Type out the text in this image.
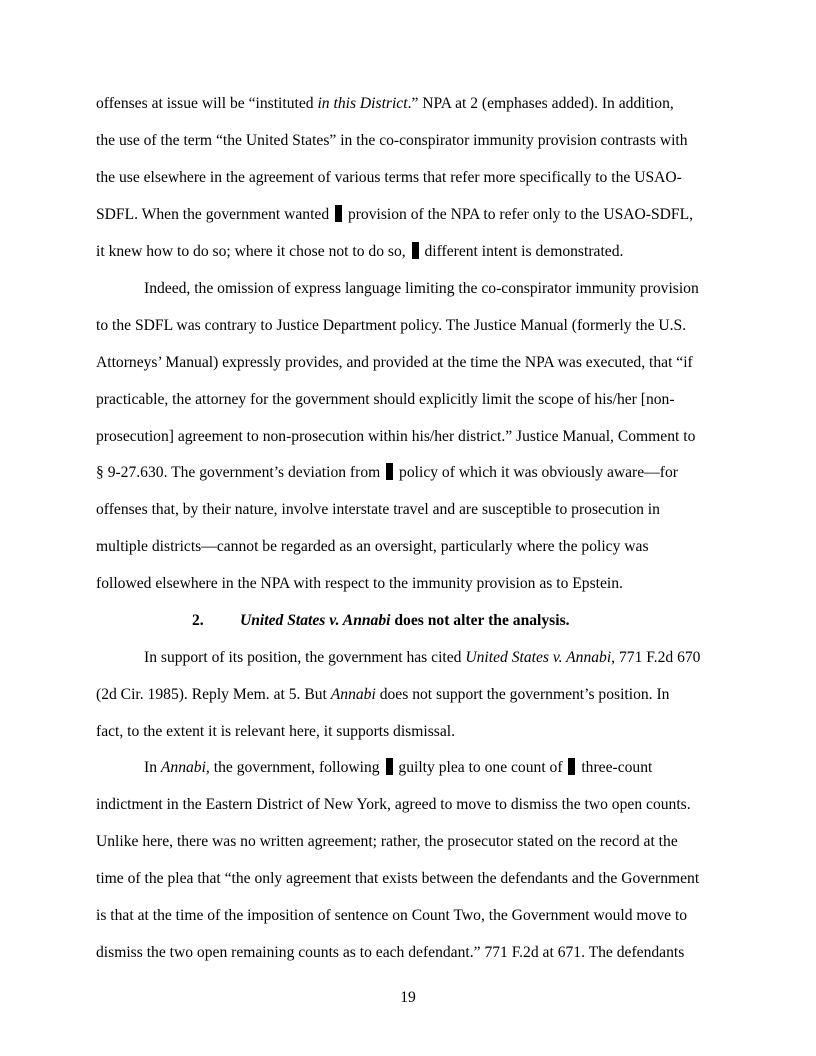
offenses at issue will be “instituted in this District.” NPA at 2 (emphases added). In addition,
the use of the term “the United States” in the co-conspirator immunity provision contrasts with
the use elsewhere in the agreement of various terms that refer more specifically to the USAO-
SDFL. When the government wanted  provision of the NPA to refer only to the USAO-SDFL,
it knew how to do so; where it chose not to do so,  different intent is demonstrated.
Indeed, the omission of express language limiting the co-conspirator immunity provision
to the SDFL was contrary to Justice Department policy. The Justice Manual (formerly the U.S.
Attorneys’ Manual) expressly provides, and provided at the time the NPA was executed, that “if
practicable, the attorney for the government should explicitly limit the scope of his/her [non-
prosecution] agreement to non-prosecution within his/her district.” Justice Manual, Comment to
§ 9-27.630. The government’s deviation from  policy of which it was obviously aware—for
offenses that, by their nature, involve interstate travel and are susceptible to prosecution in
multiple districts—cannot be regarded as an oversight, particularly where the policy was
followed elsewhere in the NPA with respect to the immunity provision as to Epstein.
In support of its position, the government has cited United States v. Annabi, 771 F.2d 670
(2d Cir. 1985). Reply Mem. at 5. But Annabi does not support the government’s position. In
fact, to the extent it is relevant here, it supports dismissal.
In Annabi, the government, following  guilty plea to one count of  three-count
indictment in the Eastern District of New York, agreed to move to dismiss the two open counts.
Unlike here, there was no written agreement; rather, the prosecutor stated on the record at the
time of the plea that “the only agreement that exists between the defendants and the Government
is that at the time of the imposition of sentence on Count Two, the Government would move to
dismiss the two open remaining counts as to each defendant.” 771 F.2d at 671. The defendants
2. United States v. Annabi does not alter the analysis.
19
